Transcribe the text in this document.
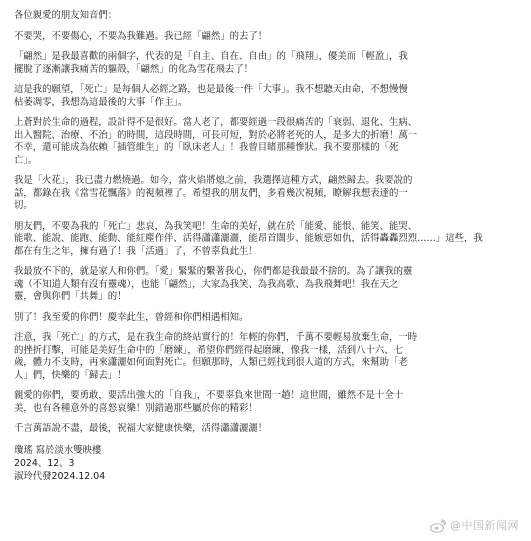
各位親愛的朋友知音們：
不要哭，不要傷心，不要為我難過。我已經「翩然」的去了！
「翩然」是我最喜歡的兩個字，代表的是「自主、自在、自由」的「飛翔」，優美而「輕盈」，我
擺脫了逐漸讓我痛苦的軀殼，「翩然」的化為雪花飛去了！
這是我的願望，「死亡」是每個人必經之路，也是最後一件「大事」。我不想聽天由命，不想慢慢
枯萎凋零，我想為這最後的大事「作主」。
上蒼對於生命的過程，設計得不是很好。當人老了，都要經過一段很痛苦的「衰弱、退化、生病、
出入醫院、治療、不治」的時間，這段時間，可長可短，對於必將老死的人，是多大的折磨！萬一
不幸，還可能成為依賴「插管維生」的「臥床老人」！我曾目睹那種慘狀。我不要那樣的「死
亡」。
我是「火花」，我已盡力燃燒過。如今，當火焰將熄之前，我選擇這種方式，翩然歸去。我要說的
話，都錄在我《當雪花飄落》的視頻裡了。希望我的朋友們，多看幾次視頻，瞭解我想表達的一
切。
朋友們，不要為我的「死亡」悲哀，為我笑吧！生命的美好，就在於「能愛、能恨、能笑、能哭、
能歌、能說、能跑、能動、能紅塵作伴、活得瀟瀟灑灑，能昂首闊步、能嫉惡如仇，活得轟轟烈烈……」這些，我
都在有生之年，擁有過了！我「活過」了，不曾辜負此生！
我最放不下的，就是家人和你們。「愛」緊緊的繫著我心，你們都是我最最不捨的。為了讓我的靈
魂（不知道人類有沒有靈魂），也能「翩然」，大家為我笑、為我高歌、為我飛舞吧！我在天之
靈，會與你們「共舞」的！
別了！我至愛的你們！慶幸此生，曾經和你們相遇相知。
注意，我「死亡」的方式，是在我生命的終站實行的！年輕的你們，千萬不要輕易放棄生命，一時
的挫折打擊，可能是美好生命中的「磨練」，希望你們經得起磨練，像我一樣，活到八十六、七
歲，體力不支時，再來瀟灑如何面對死亡。但願那時，人類已經找到很人道的方式，來幫助「老
人」們，快樂的「歸去」！
親愛的你們，要勇敢，要活出強大的「自我」，不要辜負來世間一趟！這世間，雖然不是十全十
美，也有各種意外的喜怒哀樂！別錯過那些屬於你的精彩！
千言萬語說不盡，最後，祝福大家健康快樂，活得瀟瀟灑灑！
瓊瑤 寫於淡水雙映樓
2024、12、3
淑玲代發2024.12.04
@中国新闻网
